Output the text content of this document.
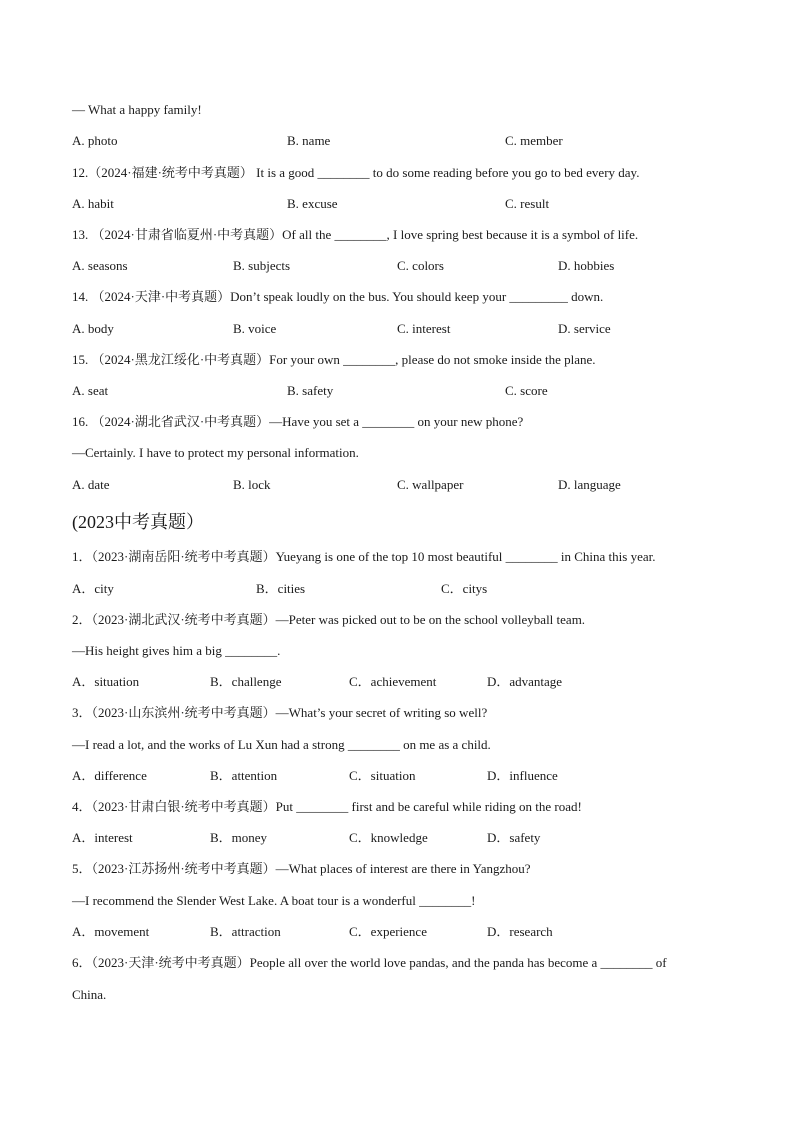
— What a happy family!
A. photo	B. name	C. member
12.（2024·福建·统考中考真题） It is a good ________ to do some reading before you go to bed every day.
A. habit	B. excuse	C. result
13. （2024·甘肃省临夏州·中考真题）Of all the ________, I love spring best because it is a symbol of life.
A. seasons	B. subjects	C. colors	D. hobbies
14. （2024·天津·中考真题）Don’t speak loudly on the bus. You should keep your _________ down.
A. body	B. voice	C. interest	D. service
15. （2024·黑龙江绥化·中考真题）For your own ________, please do not smoke inside the plane.
A. seat	B. safety	C. score
16. （2024·湖北省武汉·中考真题）—Have you set a ________ on your new phone?
—Certainly. I have to protect my personal information.
A. date	B. lock	C. wallpaper	D. language
(2023中考真题）
1．（2023·湖南岳阳·统考中考真题）Yueyang is one of the top 10 most beautiful ________ in China this year.
A．city	B．cities	C．citys
2．（2023·湖北武汉·统考中考真题）—Peter was picked out to be on the school volleyball team.
—His height gives him a big ________.
A．situation	B．challenge	C．achievement	D．advantage
3．（2023·山东滨州·统考中考真题）—What’s your secret of writing so well?
—I read a lot, and the works of Lu Xun had a strong ________ on me as a child.
A．difference	B．attention	C．situation	D．influence
4．（2023·甘肃白银·统考中考真题）Put ________ first and be careful while riding on the road!
A．interest	B．money	C．knowledge	D．safety
5．（2023·江苏扬州·统考中考真题）—What places of interest are there in Yangzhou?
—I recommend the Slender West Lake. A boat tour is a wonderful ________!
A．movement	B．attraction	C．experience	D．research
6．（2023·天津·统考中考真题）People all over the world love pandas, and the panda has become a ________ of
China.
